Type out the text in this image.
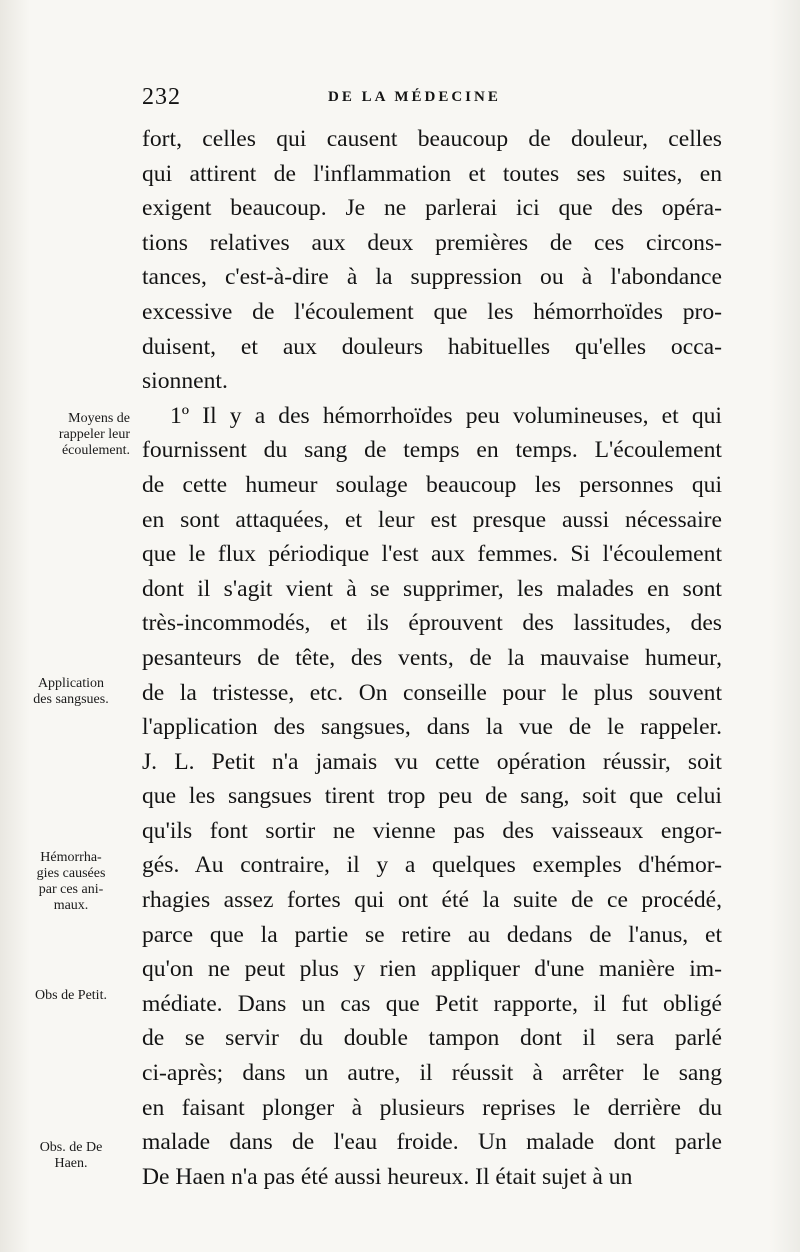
232	DE LA MÉDECINE
fort, celles qui causent beaucoup de douleur, celles
qui attirent de l'inflammation et toutes ses suites, en
exigent beaucoup. Je ne parlerai ici que des opéra-
tions relatives aux deux premières de ces circons-
tances, c'est-à-dire à la suppression ou à l'abondance
excessive de l'écoulement que les hémorrhoïdes pro-
duisent, et aux douleurs habituelles qu'elles occa-
sionnent.
1º Il y a des hémorrhoïdes peu volumineuses, et qui
fournissent du sang de temps en temps. L'écoulement
de cette humeur soulage beaucoup les personnes qui
en sont attaquées, et leur est presque aussi nécessaire
que le flux périodique l'est aux femmes. Si l'écoulement
dont il s'agit vient à se supprimer, les malades en sont
très-incommodés, et ils éprouvent des lassitudes, des
pesanteurs de tête, des vents, de la mauvaise humeur,
de la tristesse, etc. On conseille pour le plus souvent
l'application des sangsues, dans la vue de le rappeler.
J. L. Petit n'a jamais vu cette opération réussir, soit
que les sangsues tirent trop peu de sang, soit que celui
qu'ils font sortir ne vienne pas des vaisseaux engor-
gés. Au contraire, il y a quelques exemples d'hémor-
rhagies assez fortes qui ont été la suite de ce procédé,
parce que la partie se retire au dedans de l'anus, et
qu'on ne peut plus y rien appliquer d'une manière im-
médiate. Dans un cas que Petit rapporte, il fut obligé
de se servir du double tampon dont il sera parlé
ci-après; dans un autre, il réussit à arrêter le sang
en faisant plonger à plusieurs reprises le derrière du
malade dans de l'eau froide. Un malade dont parle
De Haen n'a pas été aussi heureux. Il était sujet à un
Moyens de
rappeler leur
écoulement.
Application
des sangsues.
Hémorrha-
gies causées
par ces ani-
maux.
Obs de Petit.
Obs. de De
Haen.
